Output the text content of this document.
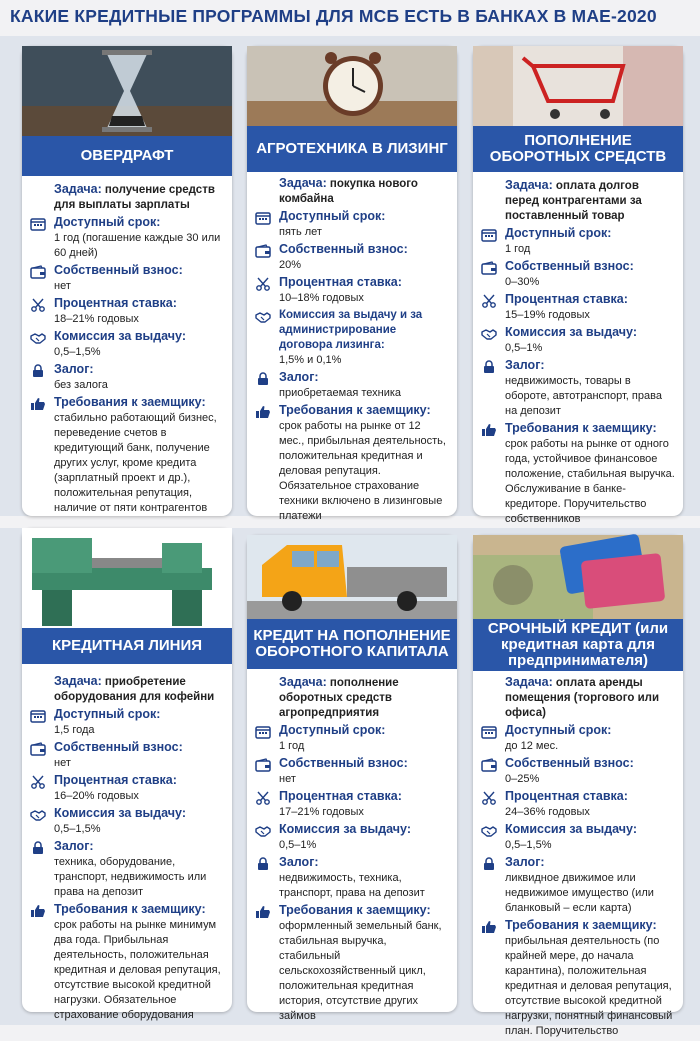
КАКИЕ КРЕДИТНЫЕ ПРОГРАММЫ ДЛЯ МСБ ЕСТЬ В БАНКАХ В МАЕ-2020
ОВЕРДРАФТ
Задача: получение средств для выплаты зарплаты
Доступный срок:
1 год (погашение каждые 30 или 60 дней)
Собственный взнос:
нет
Процентная ставка:
18–21% годовых
Комиссия за выдачу:
0,5–1,5%
Залог:
без залога
Требования к заемщику:
стабильно работающий бизнес, переведение счетов в кредитующий банк, получение других услуг, кроме кредита (зарплатный проект и др.), положительная репутация, наличие от пяти контрагентов
АГРОТЕХНИКА В ЛИЗИНГ
Задача: покупка нового комбайна
Доступный срок:
пять лет
Собственный взнос:
20%
Процентная ставка:
10–18% годовых
Комиссия за выдачу и за администрирование договора лизинга:
1,5% и 0,1%
Залог:
приобретаемая техника
Требования к заемщику:
срок работы на рынке от 12 мес., прибыльная деятельность, положительная кредитная и деловая репутация. Обязательное страхование техники включено в лизинговые платежи
ПОПОЛНЕНИЕ ОБОРОТНЫХ СРЕДСТВ
Задача: оплата долгов перед контрагентами за поставленный товар
Доступный срок:
1 год
Собственный взнос:
0–30%
Процентная ставка:
15–19% годовых
Комиссия за выдачу:
0,5–1%
Залог:
недвижимость, товары в обороте, автотранспорт, права на депозит
Требования к заемщику:
срок работы на рынке от одного года, устойчивое финансовое положение, стабильная выручка. Обслуживание в банке-кредиторе. Поручительство собственников
КРЕДИТНАЯ ЛИНИЯ
Задача: приобретение оборудования для кофейни
Доступный срок:
1,5 года
Собственный взнос:
нет
Процентная ставка:
16–20% годовых
Комиссия за выдачу:
0,5–1,5%
Залог:
техника, оборудование, транспорт, недвижимость или права на депозит
Требования к заемщику:
срок работы на рынке минимум два года. Прибыльная деятельность, положительная кредитная и деловая репутация, отсутствие высокой кредитной нагрузки. Обязательное страхование оборудования
КРЕДИТ НА ПОПОЛНЕНИЕ ОБОРОТНОГО КАПИТАЛА
Задача: пополнение оборотных средств агропредприятия
Доступный срок:
1 год
Собственный взнос:
нет
Процентная ставка:
17–21% годовых
Комиссия за выдачу:
0,5–1%
Залог:
недвижимость, техника, транспорт, права на депозит
Требования к заемщику:
оформленный земельный банк, стабильная выручка, стабильный сельскохозяйственный цикл, положительная кредитная история, отсутствие других займов
СРОЧНЫЙ КРЕДИТ (или кредитная карта для предпринимателя)
Задача: оплата аренды помещения (торгового или офиса)
Доступный срок:
до 12 мес.
Собственный взнос:
0–25%
Процентная ставка:
24–36% годовых
Комиссия за выдачу:
0,5–1,5%
Залог:
ликвидное движимое или недвижимое имущество (или бланковый – если карта)
Требования к заемщику:
прибыльная деятельность (по крайней мере, до начала карантина), положительная кредитная и деловая репутация, отсутствие высокой кредитной нагрузки, понятный финансовый план. Поручительство
